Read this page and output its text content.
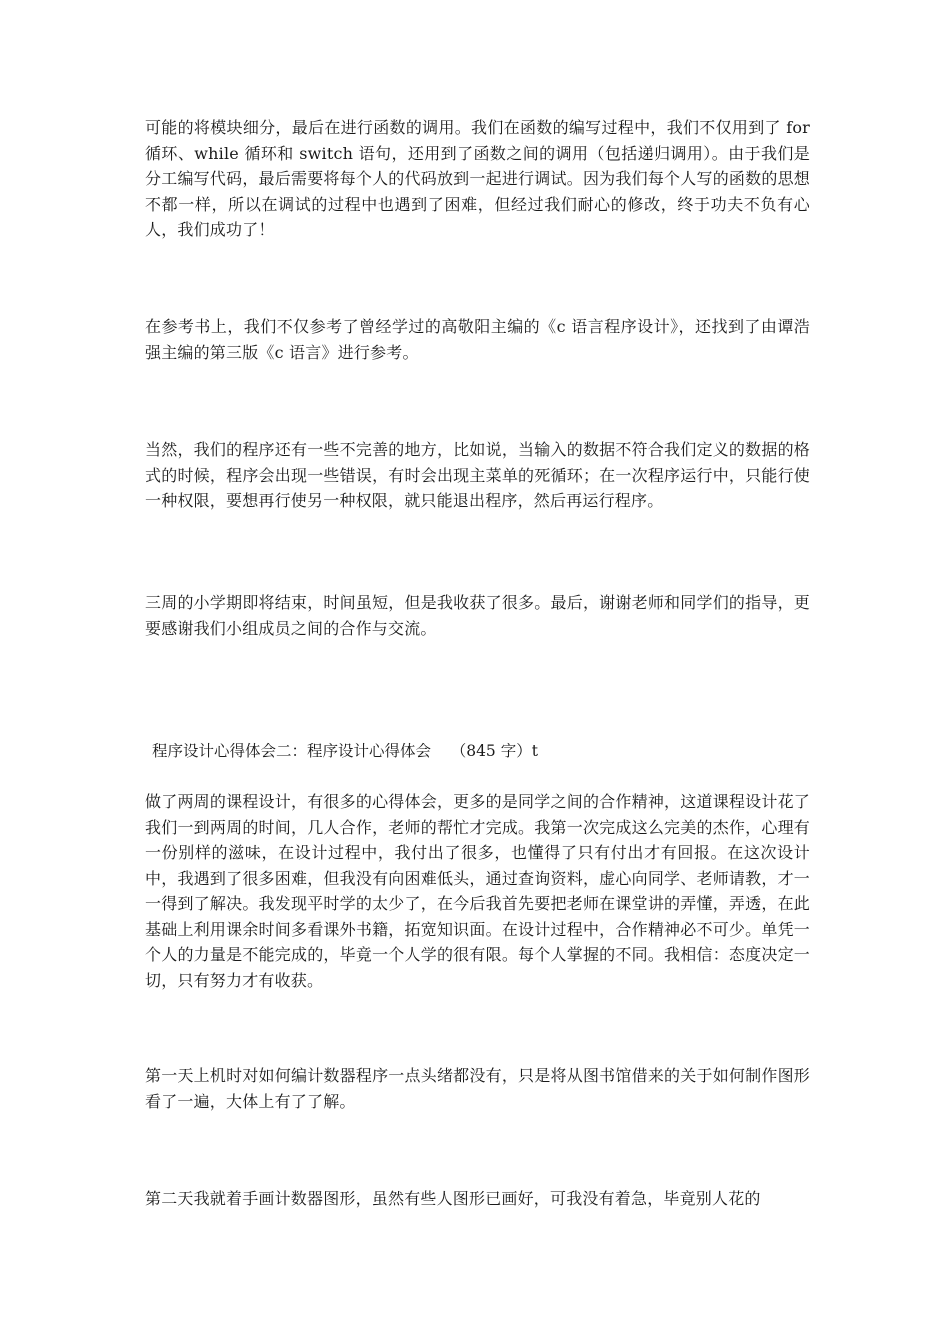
可能的将模块细分，最后在进行函数的调用。我们在函数的编写过程中，我们不仅用到了 for 循环、while 循环和 switch 语句，还用到了函数之间的调用（包括递归调用）。由于我们是分工编写代码，最后需要将每个人的代码放到一起进行调试。因为我们每个人写的函数的思想不都一样，所以在调试的过程中也遇到了困难，但经过我们耐心的修改，终于功夫不负有心人，我们成功了！

在参考书上，我们不仅参考了曾经学过的高敬阳主编的《c 语言程序设计》，还找到了由谭浩强主编的第三版《c 语言》进行参考。

当然，我们的程序还有一些不完善的地方，比如说，当输入的数据不符合我们定义的数据的格式的时候，程序会出现一些错误，有时会出现主菜单的死循环；在一次程序运行中，只能行使一种权限，要想再行使另一种权限，就只能退出程序，然后再运行程序。

三周的小学期即将结束，时间虽短，但是我收获了很多。最后，谢谢老师和同学们的指导，更要感谢我们小组成员之间的合作与交流。

程序设计心得体会二：程序设计心得体会    （845 字）t

做了两周的课程设计，有很多的心得体会，更多的是同学之间的合作精神，这道课程设计花了我们一到两周的时间，几人合作，老师的帮忙才完成。我第一次完成这么完美的杰作，心理有一份别样的滋味，在设计过程中，我付出了很多，也懂得了只有付出才有回报。在这次设计中，我遇到了很多困难，但我没有向困难低头，通过查询资料，虚心向同学、老师请教，才一一得到了解决。我发现平时学的太少了，在今后我首先要把老师在课堂讲的弄懂，弄透，在此基础上利用课余时间多看课外书籍，拓宽知识面。在设计过程中，合作精神必不可少。单凭一个人的力量是不能完成的，毕竟一个人学的很有限。每个人掌握的不同。我相信：态度决定一切，只有努力才有收获。

第一天上机时对如何编计数器程序一点头绪都没有，只是将从图书馆借来的关于如何制作图形看了一遍，大体上有了了解。

第二天我就着手画计数器图形，虽然有些人图形已画好，可我没有着急，毕竟别人花的
